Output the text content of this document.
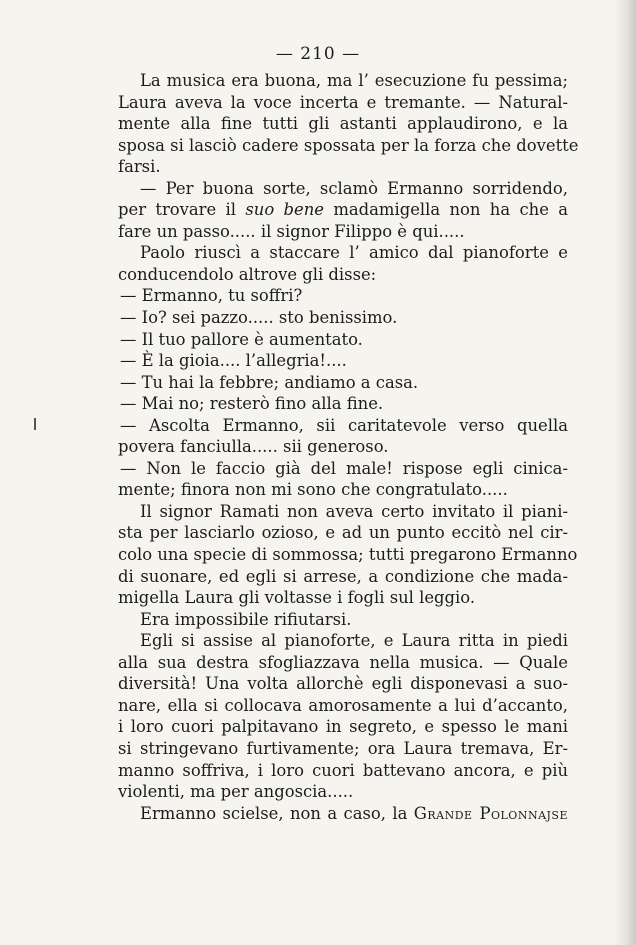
— 210 —
La musica era buona, ma l’ esecuzione fu pessima;
Laura aveva la voce incerta e tremante. — Natural-
mente alla fine tutti gli astanti applaudirono, e la
sposa si lasciò cadere spossata per la forza che dovette
farsi.
— Per buona sorte, sclamò Ermanno sorridendo,
per trovare il suo bene madamigella non ha che a
fare un passo..... il signor Filippo è qui.....
Paolo riuscì a staccare l’ amico dal pianoforte e
conducendolo altrove gli disse:
— Ermanno, tu soffri?
— Io? sei pazzo..... sto benissimo.
— Il tuo pallore è aumentato.
— È la gioia.... l’allegria!....
— Tu hai la febbre; andiamo a casa.
— Mai no; resterò fino alla fine.
— Ascolta Ermanno, sii caritatevole verso quella
povera fanciulla..... sii generoso.
— Non le faccio già del male! rispose egli cinica-
mente; finora non mi sono che congratulato.....
Il signor Ramati non aveva certo invitato il piani-
sta per lasciarlo ozioso, e ad un punto eccitò nel cir-
colo una specie di sommossa; tutti pregarono Ermanno
di suonare, ed egli si arrese, a condizione che mada-
migella Laura gli voltasse i fogli sul leggio.
Era impossibile rifiutarsi.
Egli si assise al pianoforte, e Laura ritta in piedi
alla sua destra sfogliazzava nella musica. — Quale
diversità! Una volta allorchè egli disponevasi a suo-
nare, ella si collocava amorosamente a lui d’accanto,
i loro cuori palpitavano in segreto, e spesso le mani
si stringevano furtivamente; ora Laura tremava, Er-
manno soffriva, i loro cuori battevano ancora, e più
violenti, ma per angoscia.....
Ermanno scielse, non a caso, la Grande Polonnajse
